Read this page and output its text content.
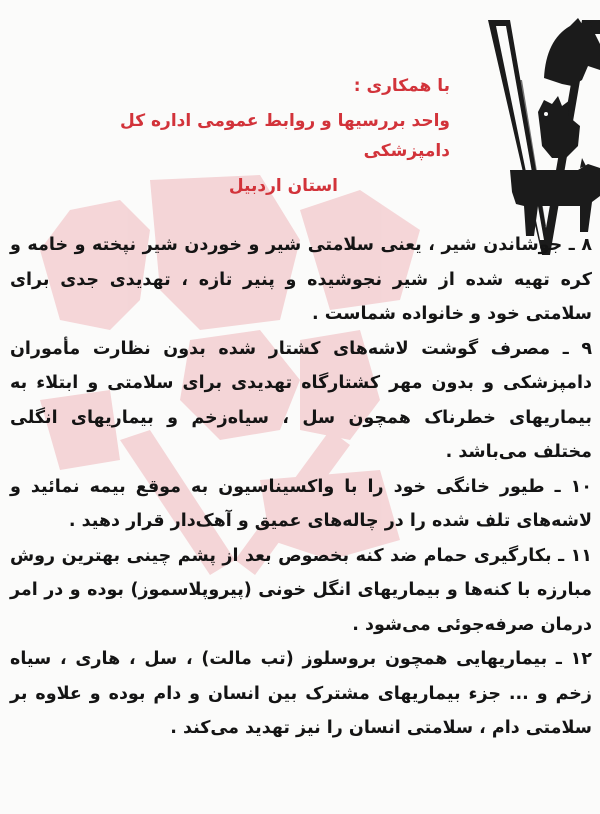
با همکاری :
واحد بررسیها و روابط عمومی اداره کل دامپزشکی
استان اردبیل

۸ ـ جوشاندن شیر ، یعنی سلامتی شیر و خوردن شیر نپخته و خامه و کره تهیه شده از شیر نجوشیده و پنیر تازه ، تهدیدی جدی برای سلامتی خود و خانواده شماست .

۹ ـ مصرف گوشت لاشه‌های کشتار شده بدون نظارت مأموران دامپزشکی و بدون مهر کشتارگاه تهدیدی برای سلامتی و ابتلاء به بیماریهای خطرناک همچون سل ، سیاه‌زخم و بیماریهای انگلی مختلف می‌باشد .

۱۰ ـ طیور خانگی خود را با واکسیناسیون به موقع بیمه نمائید و لاشه‌های تلف شده را در چاله‌های عمیق و آهک‌دار قرار دهید .

۱۱ ـ بکارگیری حمام ضد کنه بخصوص بعد از پشم چینی بهترین روش مبارزه با کنه‌ها و بیماریهای انگل خونی (پیروپلاسموز) بوده و در امر درمان صرفه‌جوئی می‌شود .

۱۲ ـ بیماریهایی همچون بروسلوز (تب مالت) ، سل ، هاری ، سیاه زخم و ... جزء بیماریهای مشترک بین انسان و دام بوده و علاوه بر سلامتی دام ، سلامتی انسان را نیز تهدید می‌کند .
